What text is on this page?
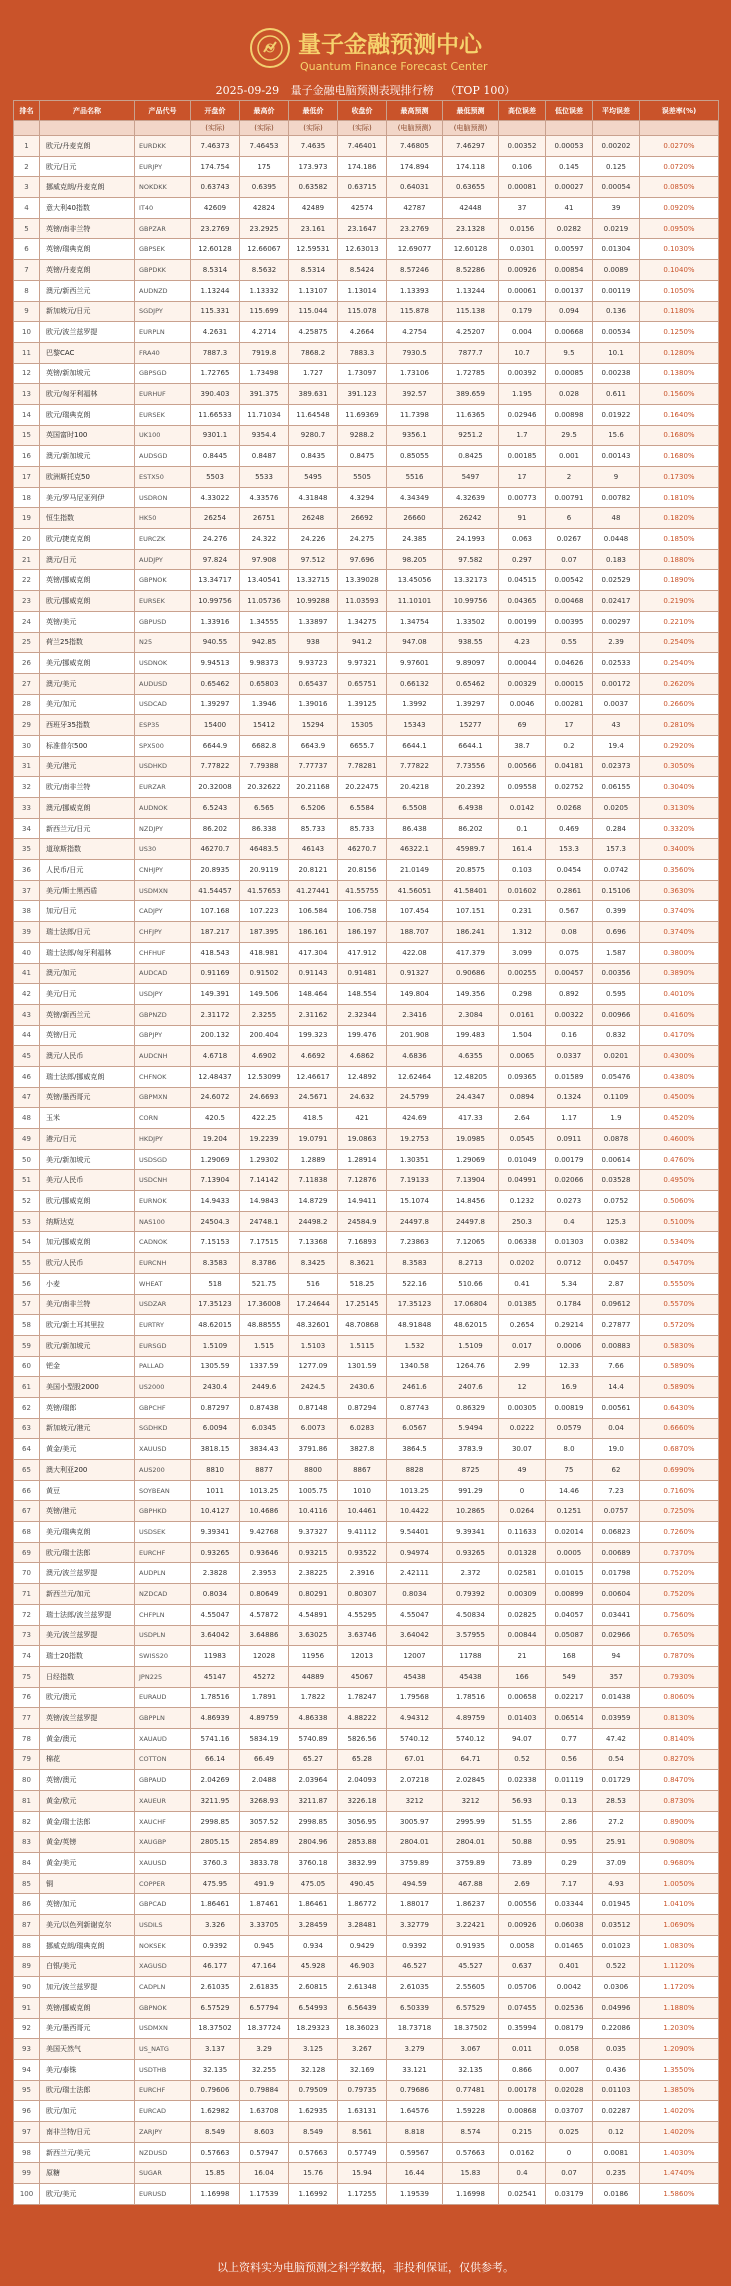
量子金融预测中心
Quantum Finance Forecast Center
2025-09-29 量子金融电脑预测表现排行榜 （TOP 100）
排名	产品名称	产品代号	开盘价	最高价	最低价	收盘价	最高预测	最低预测	高位误差	低位误差	平均误差	误差率(%)
			(实际)	(实际)	(实际)	(实际)	(电脑预测)	(电脑预测)				
1	欧元/丹麦克朗	EURDKK	7.46373	7.46453	7.4635	7.46401	7.46805	7.46297	0.00352	0.00053	0.00202	0.0270%
2	欧元/日元	EURJPY	174.754	175	173.973	174.186	174.894	174.118	0.106	0.145	0.125	0.0720%
3	挪威克朗/丹麦克朗	NOKDKK	0.63743	0.6395	0.63582	0.63715	0.64031	0.63655	0.00081	0.00027	0.00054	0.0850%
4	意大利40指数	IT40	42609	42824	42489	42574	42787	42448	37	41	39	0.0920%
5	英镑/南非兰特	GBPZAR	23.2769	23.2925	23.161	23.1647	23.2769	23.1328	0.0156	0.0282	0.0219	0.0950%
6	英镑/瑞典克朗	GBPSEK	12.60128	12.66067	12.59531	12.63013	12.69077	12.60128	0.0301	0.00597	0.01304	0.1030%
7	英镑/丹麦克朗	GBPDKK	8.5314	8.5632	8.5314	8.5424	8.57246	8.52286	0.00926	0.00854	0.0089	0.1040%
8	澳元/新西兰元	AUDNZD	1.13244	1.13332	1.13107	1.13014	1.13393	1.13244	0.00061	0.00137	0.00119	0.1050%
9	新加坡元/日元	SGDJPY	115.331	115.699	115.044	115.078	115.878	115.138	0.179	0.094	0.136	0.1180%
10	欧元/波兰兹罗提	EURPLN	4.2631	4.2714	4.25875	4.2664	4.2754	4.25207	0.004	0.00668	0.00534	0.1250%
11	巴黎CAC	FRA40	7887.3	7919.8	7868.2	7883.3	7930.5	7877.7	10.7	9.5	10.1	0.1280%
12	英镑/新加坡元	GBPSGD	1.72765	1.73498	1.727	1.73097	1.73106	1.72785	0.00392	0.00085	0.00238	0.1380%
13	欧元/匈牙利福林	EURHUF	390.403	391.375	389.631	391.123	392.57	389.659	1.195	0.028	0.611	0.1560%
14	欧元/瑞典克朗	EURSEK	11.66533	11.71034	11.64548	11.69369	11.7398	11.6365	0.02946	0.00898	0.01922	0.1640%
15	英国富时100	UK100	9301.1	9354.4	9280.7	9288.2	9356.1	9251.2	1.7	29.5	15.6	0.1680%
16	澳元/新加坡元	AUDSGD	0.8445	0.8487	0.8435	0.8475	0.85055	0.8425	0.00185	0.001	0.00143	0.1680%
17	欧洲斯托克50	ESTX50	5503	5533	5495	5505	5516	5497	17	2	9	0.1730%
18	美元/罗马尼亚列伊	USDRON	4.33022	4.33576	4.31848	4.3294	4.34349	4.32639	0.00773	0.00791	0.00782	0.1810%
19	恒生指数	HK50	26254	26751	26248	26692	26660	26242	91	6	48	0.1820%
20	欧元/捷克克朗	EURCZK	24.276	24.322	24.226	24.275	24.385	24.1993	0.063	0.0267	0.0448	0.1850%
21	澳元/日元	AUDJPY	97.824	97.908	97.512	97.696	98.205	97.582	0.297	0.07	0.183	0.1880%
22	英镑/挪威克朗	GBPNOK	13.34717	13.40541	13.32715	13.39028	13.45056	13.32173	0.04515	0.00542	0.02529	0.1890%
23	欧元/挪威克朗	EURSEK	10.99756	11.05736	10.99288	11.03593	11.10101	10.99756	0.04365	0.00468	0.02417	0.2190%
24	英镑/美元	GBPUSD	1.33916	1.34555	1.33897	1.34275	1.34754	1.33502	0.00199	0.00395	0.00297	0.2210%
25	荷兰25指数	N25	940.55	942.85	938	941.2	947.08	938.55	4.23	0.55	2.39	0.2540%
26	美元/挪威克朗	USDNOK	9.94513	9.98373	9.93723	9.97321	9.97601	9.89097	0.00044	0.04626	0.02533	0.2540%
27	澳元/美元	AUDUSD	0.65462	0.65803	0.65437	0.65751	0.66132	0.65462	0.00329	0.00015	0.00172	0.2620%
28	美元/加元	USDCAD	1.39297	1.3946	1.39016	1.39125	1.3992	1.39297	0.0046	0.00281	0.0037	0.2660%
29	西班牙35指数	ESP35	15400	15412	15294	15305	15343	15277	69	17	43	0.2810%
30	标准普尔500	SPX500	6644.9	6682.8	6643.9	6655.7	6644.1	6644.1	38.7	0.2	19.4	0.2920%
31	美元/港元	USDHKD	7.77822	7.79388	7.77737	7.78281	7.77822	7.73556	0.00566	0.04181	0.02373	0.3050%
32	欧元/南非兰特	EURZAR	20.32008	20.32622	20.21168	20.22475	20.4218	20.2392	0.09558	0.02752	0.06155	0.3040%
33	澳元/挪威克朗	AUDNOK	6.5243	6.565	6.5206	6.5584	6.5508	6.4938	0.0142	0.0268	0.0205	0.3130%
34	新西兰元/日元	NZDJPY	86.202	86.338	85.733	85.733	86.438	86.202	0.1	0.469	0.284	0.3320%
35	道琼斯指数	US30	46270.7	46483.5	46143	46270.7	46322.1	45989.7	161.4	153.3	157.3	0.3400%
36	人民币/日元	CNHJPY	20.8935	20.9119	20.8121	20.8156	21.0149	20.8575	0.103	0.0454	0.0742	0.3560%
37	美元/斯士黑西盾	USDMXN	41.54457	41.57653	41.27441	41.55755	41.56051	41.58401	0.01602	0.2861	0.15106	0.3630%
38	加元/日元	CADJPY	107.168	107.223	106.584	106.758	107.454	107.151	0.231	0.567	0.399	0.3740%
39	瑞士法郎/日元	CHFJPY	187.217	187.395	186.161	186.197	188.707	186.241	1.312	0.08	0.696	0.3740%
40	瑞士法郎/匈牙利福林	CHFHUF	418.543	418.981	417.304	417.912	422.08	417.379	3.099	0.075	1.587	0.3800%
41	澳元/加元	AUDCAD	0.91169	0.91502	0.91143	0.91481	0.91327	0.90686	0.00255	0.00457	0.00356	0.3890%
42	美元/日元	USDJPY	149.391	149.506	148.464	148.554	149.804	149.356	0.298	0.892	0.595	0.4010%
43	英镑/新西兰元	GBPNZD	2.31172	2.3255	2.31162	2.32344	2.3416	2.3084	0.0161	0.00322	0.00966	0.4160%
44	英镑/日元	GBPJPY	200.132	200.404	199.323	199.476	201.908	199.483	1.504	0.16	0.832	0.4170%
45	澳元/人民币	AUDCNH	4.6718	4.6902	4.6692	4.6862	4.6836	4.6355	0.0065	0.0337	0.0201	0.4300%
46	瑞士法郎/挪威克朗	CHFNOK	12.48437	12.53099	12.46617	12.4892	12.62464	12.48205	0.09365	0.01589	0.05476	0.4380%
47	英镑/墨西哥元	GBPMXN	24.6072	24.6693	24.5671	24.632	24.5799	24.4347	0.0894	0.1324	0.1109	0.4500%
48	玉米	CORN	420.5	422.25	418.5	421	424.69	417.33	2.64	1.17	1.9	0.4520%
49	港元/日元	HKDJPY	19.204	19.2239	19.0791	19.0863	19.2753	19.0985	0.0545	0.0911	0.0878	0.4600%
50	美元/新加坡元	USDSGD	1.29069	1.29302	1.2889	1.28914	1.30351	1.29069	0.01049	0.00179	0.00614	0.4760%
51	美元/人民币	USDCNH	7.13904	7.14142	7.11838	7.12876	7.19133	7.13904	0.04991	0.02066	0.03528	0.4950%
52	欧元/挪威克朗	EURNOK	14.9433	14.9843	14.8729	14.9411	15.1074	14.8456	0.1232	0.0273	0.0752	0.5060%
53	纳斯达克	NAS100	24504.3	24748.1	24498.2	24584.9	24497.8	24497.8	250.3	0.4	125.3	0.5100%
54	加元/挪威克朗	CADNOK	7.15153	7.17515	7.13368	7.16893	7.23863	7.12065	0.06338	0.01303	0.0382	0.5340%
55	欧元/人民币	EURCNH	8.3583	8.3786	8.3425	8.3621	8.3583	8.2713	0.0202	0.0712	0.0457	0.5470%
56	小麦	WHEAT	518	521.75	516	518.25	522.16	510.66	0.41	5.34	2.87	0.5550%
57	美元/南非兰特	USDZAR	17.35123	17.36008	17.24644	17.25145	17.35123	17.06804	0.01385	0.1784	0.09612	0.5570%
58	欧元/新土耳其里拉	EURTRY	48.62015	48.88555	48.32601	48.70868	48.91848	48.62015	0.2654	0.29214	0.27877	0.5720%
59	欧元/新加坡元	EURSGD	1.5109	1.515	1.5103	1.5115	1.532	1.5109	0.017	0.0006	0.00883	0.5830%
60	钯金	PALLAD	1305.59	1337.59	1277.09	1301.59	1340.58	1264.76	2.99	12.33	7.66	0.5890%
61	美国小型股2000	US2000	2430.4	2449.6	2424.5	2430.6	2461.6	2407.6	12	16.9	14.4	0.5890%
62	英镑/瑞郎	GBPCHF	0.87297	0.87438	0.87148	0.87294	0.87743	0.86329	0.00305	0.00819	0.00561	0.6430%
63	新加坡元/港元	SGDHKD	6.0094	6.0345	6.0073	6.0283	6.0567	5.9494	0.0222	0.0579	0.04	0.6660%
64	黄金/美元	XAUUSD	3818.15	3834.43	3791.86	3827.8	3864.5	3783.9	30.07	8.0	19.0	0.6870%
65	澳大利亚200	AUS200	8810	8877	8800	8867	8828	8725	49	75	62	0.6990%
66	黄豆	SOYBEAN	1011	1013.25	1005.75	1010	1013.25	991.29	0	14.46	7.23	0.7160%
67	英镑/港元	GBPHKD	10.4127	10.4686	10.4116	10.4461	10.4422	10.2865	0.0264	0.1251	0.0757	0.7250%
68	美元/瑞典克朗	USDSEK	9.39341	9.42768	9.37327	9.41112	9.54401	9.39341	0.11633	0.02014	0.06823	0.7260%
69	欧元/瑞士法郎	EURCHF	0.93265	0.93646	0.93215	0.93522	0.94974	0.93265	0.01328	0.0005	0.00689	0.7370%
70	澳元/波兰兹罗提	AUDPLN	2.3828	2.3953	2.38225	2.3916	2.42111	2.372	0.02581	0.01015	0.01798	0.7520%
71	新西兰元/加元	NZDCAD	0.8034	0.80649	0.80291	0.80307	0.8034	0.79392	0.00309	0.00899	0.00604	0.7520%
72	瑞士法郎/波兰兹罗提	CHFPLN	4.55047	4.57872	4.54891	4.55295	4.55047	4.50834	0.02825	0.04057	0.03441	0.7560%
73	美元/波兰兹罗提	USDPLN	3.64042	3.64886	3.63025	3.63746	3.64042	3.57955	0.00844	0.05087	0.02966	0.7650%
74	瑞士20指数	SWISS20	11983	12028	11956	12013	12007	11788	21	168	94	0.7870%
75	日经指数	JPN225	45147	45272	44889	45067	45438	45438	166	549	357	0.7930%
76	欧元/澳元	EURAUD	1.78516	1.7891	1.7822	1.78247	1.79568	1.78516	0.00658	0.02217	0.01438	0.8060%
77	英镑/波兰兹罗提	GBPPLN	4.86939	4.89759	4.86338	4.88222	4.94312	4.89759	0.01403	0.06514	0.03959	0.8130%
78	黄金/澳元	XAUAUD	5741.16	5834.19	5740.89	5826.56	5740.12	5740.12	94.07	0.77	47.42	0.8140%
79	棉花	COTTON	66.14	66.49	65.27	65.28	67.01	64.71	0.52	0.56	0.54	0.8270%
80	英镑/澳元	GBPAUD	2.04269	2.0488	2.03964	2.04093	2.07218	2.02845	0.02338	0.01119	0.01729	0.8470%
81	黄金/欧元	XAUEUR	3211.95	3268.93	3211.87	3226.18	3212	3212	56.93	0.13	28.53	0.8730%
82	黄金/瑞士法郎	XAUCHF	2998.85	3057.52	2998.85	3056.95	3005.97	2995.99	51.55	2.86	27.2	0.8900%
83	黄金/英镑	XAUGBP	2805.15	2854.89	2804.96	2853.88	2804.01	2804.01	50.88	0.95	25.91	0.9080%
84	黄金/美元	XAUUSD	3760.3	3833.78	3760.18	3832.99	3759.89	3759.89	73.89	0.29	37.09	0.9680%
85	铜	COPPER	475.95	491.9	475.05	490.45	494.59	467.88	2.69	7.17	4.93	1.0050%
86	英镑/加元	GBPCAD	1.86461	1.87461	1.86461	1.86772	1.88017	1.86237	0.00556	0.03344	0.01945	1.0410%
87	美元/以色列新谢克尔	USDILS	3.326	3.33705	3.28459	3.28481	3.32779	3.22421	0.00926	0.06038	0.03512	1.0690%
88	挪威克朗/瑞典克朗	NOKSEK	0.9392	0.945	0.934	0.9429	0.9392	0.91935	0.0058	0.01465	0.01023	1.0830%
89	白银/美元	XAGUSD	46.177	47.164	45.928	46.903	46.527	45.527	0.637	0.401	0.522	1.1120%
90	加元/波兰兹罗提	CADPLN	2.61035	2.61835	2.60815	2.61348	2.61035	2.55605	0.05706	0.0042	0.0306	1.1720%
91	英镑/挪威克朗	GBPNOK	6.57529	6.57794	6.54993	6.56439	6.50339	6.57529	0.07455	0.02536	0.04996	1.1880%
92	美元/墨西哥元	USDMXN	18.37502	18.37724	18.29323	18.36023	18.73718	18.37502	0.35994	0.08179	0.22086	1.2030%
93	美国天然气	US_NATG	3.137	3.29	3.125	3.267	3.279	3.067	0.011	0.058	0.035	1.2090%
94	美元/泰铢	USDTHB	32.135	32.255	32.128	32.169	33.121	32.135	0.866	0.007	0.436	1.3550%
95	欧元/瑞士法郎	EURCHF	0.79606	0.79884	0.79509	0.79735	0.79686	0.77481	0.00178	0.02028	0.01103	1.3850%
96	欧元/加元	EURCAD	1.62982	1.63708	1.62935	1.63131	1.64576	1.59228	0.00868	0.03707	0.02287	1.4020%
97	南非兰特/日元	ZARJPY	8.549	8.603	8.549	8.561	8.818	8.574	0.215	0.025	0.12	1.4020%
98	新西兰元/美元	NZDUSD	0.57663	0.57947	0.57663	0.57749	0.59567	0.57663	0.0162	0	0.0081	1.4030%
99	原糖	SUGAR	15.85	16.04	15.76	15.94	16.44	15.83	0.4	0.07	0.235	1.4740%
100	欧元/美元	EURUSD	1.16998	1.17539	1.16992	1.17255	1.19539	1.16998	0.02541	0.03179	0.0186	1.5860%
以上资料实为电脑预测之科学数据，非投利保证，仅供参考。
